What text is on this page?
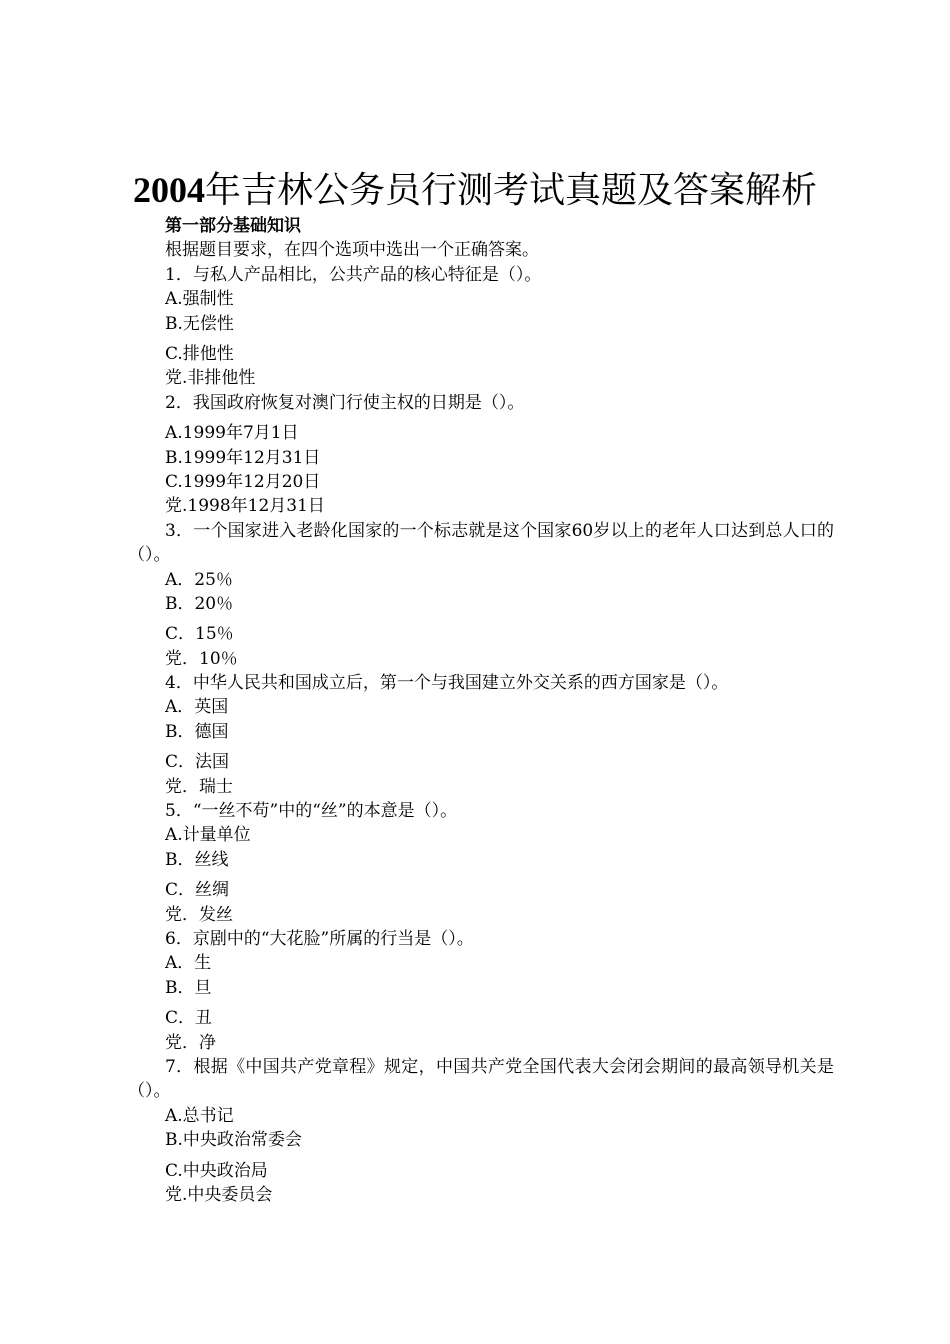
2004年吉林公务员行测考试真题及答案解析
第一部分基础知识
根据题目要求，在四个选项中选出一个正确答案。
1．与私人产品相比，公共产品的核心特征是（）。
A.强制性
B.无偿性
C.排他性
党.非排他性
2．我国政府恢复对澳门行使主权的日期是（）。
A.1999年7月1日
B.1999年12月31日
C.1999年12月20日
党.1998年12月31日
3．一个国家进入老龄化国家的一个标志就是这个国家60岁以上的老年人口达到总人口的（）。
A．25％
B．20％
C．15％
党．10％
4．中华人民共和国成立后，第一个与我国建立外交关系的西方国家是（）。
A．英国
B．德国
C．法国
党．瑞士
5．“一丝不苟”中的“丝”的本意是（）。
A.计量单位
B．丝线
C．丝绸
党．发丝
6．京剧中的“大花脸”所属的行当是（）。
A．生
B．旦
C．丑
党．净
7．根据《中国共产党章程》规定，中国共产党全国代表大会闭会期间的最高领导机关是（）。
A.总书记
B.中央政治常委会
C.中央政治局
党.中央委员会
